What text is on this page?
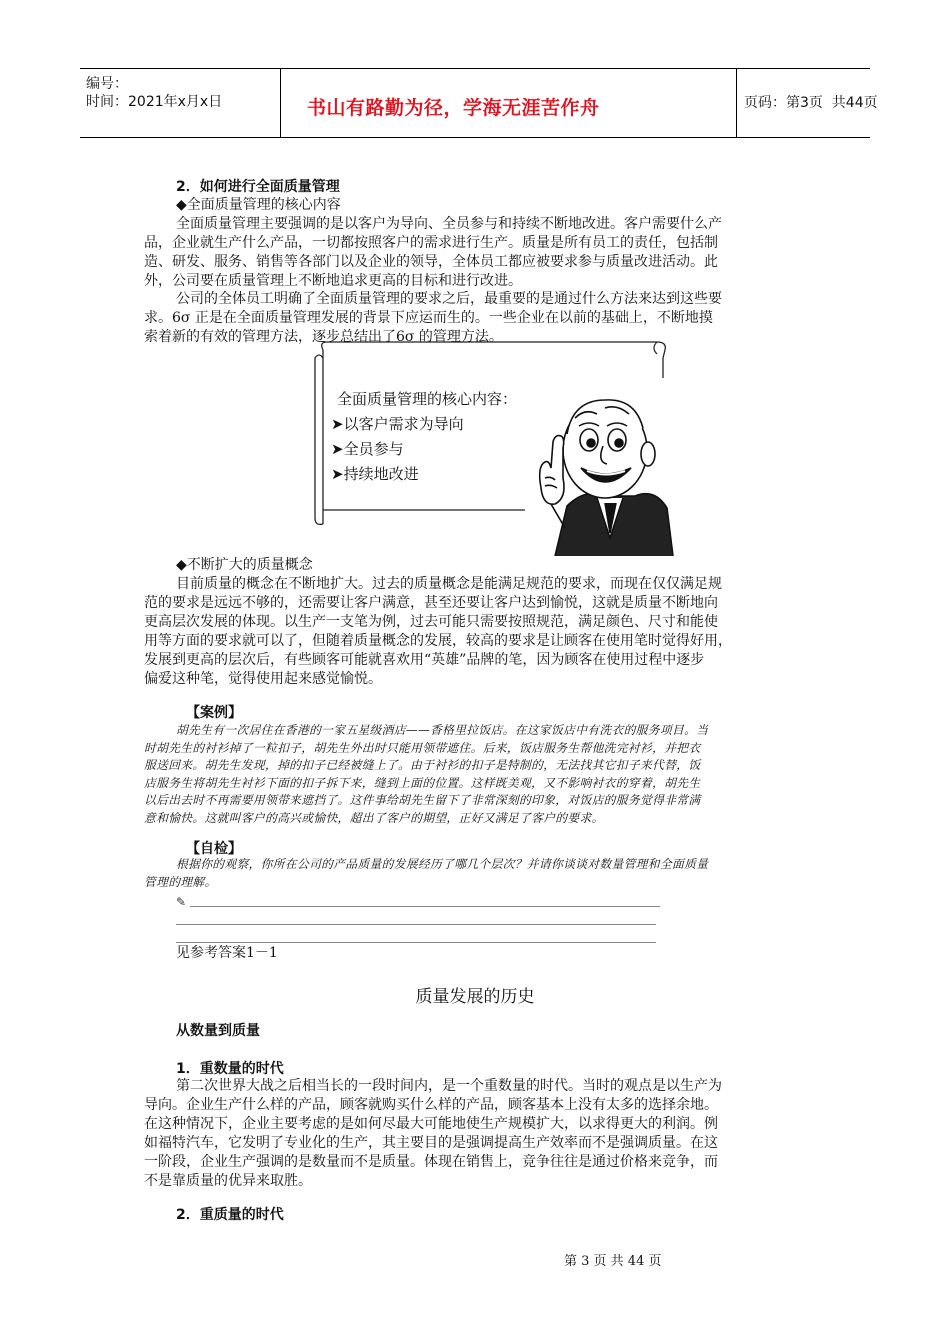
编号：
时间：2021年x月x日	书山有路勤为径，学海无涯苦作舟	页码：第3页  共44页
2．如何进行全面质量管理
◆全面质量管理的核心内容
全面质量管理主要强调的是以客户为导向、全员参与和持续不断地改进。客户需要什么产
品，企业就生产什么产品，一切都按照客户的需求进行生产。质量是所有员工的责任，包括制
造、研发、服务、销售等各部门以及企业的领导，全体员工都应被要求参与质量改进活动。此
外，公司要在质量管理上不断地追求更高的目标和进行改进。
公司的全体员工明确了全面质量管理的要求之后，最重要的是通过什么方法来达到这些要
求。6σ 正是在全面质量管理发展的背景下应运而生的。一些企业在以前的基础上，不断地摸
索着新的有效的管理方法，逐步总结出了6σ 的管理方法。
全面质量管理的核心内容：
➤以客户需求为导向
➤全员参与
➤持续地改进
◆不断扩大的质量概念
目前质量的概念在不断地扩大。过去的质量概念是能满足规范的要求，而现在仅仅满足规
范的要求是远远不够的，还需要让客户满意，甚至还要让客户达到愉悦，这就是质量不断地向
更高层次发展的体现。以生产一支笔为例，过去可能只需要按照规范，满足颜色、尺寸和能使
用等方面的要求就可以了，但随着质量概念的发展，较高的要求是让顾客在使用笔时觉得好用，
发展到更高的层次后，有些顾客可能就喜欢用“英雄”品牌的笔，因为顾客在使用过程中逐步
偏爱这种笔，觉得使用起来感觉愉悦。
【案例】
胡先生有一次居住在香港的一家五星级酒店——香格里拉饭店。在这家饭店中有洗衣的服务项目。当
时胡先生的衬衫掉了一粒扣子，胡先生外出时只能用领带遮住。后来，饭店服务生帮他洗完衬衫，并把衣
服送回来。胡先生发现，掉的扣子已经被缝上了。由于衬衫的扣子是特制的，无法找其它扣子来代替，饭
店服务生将胡先生衬衫下面的扣子拆下来，缝到上面的位置。这样既美观，又不影响衬衣的穿着，胡先生
以后出去时不再需要用领带来遮挡了。这件事给胡先生留下了非常深刻的印象，对饭店的服务觉得非常满
意和愉快。这就叫客户的高兴或愉快，超出了客户的期望，正好又满足了客户的要求。
【自检】
根据你的观察，你所在公司的产品质量的发展经历了哪几个层次？并请你谈谈对数量管理和全面质量
管理的理解。
✎
见参考答案1－1
质量发展的历史
从数量到质量
1．重数量的时代
第二次世界大战之后相当长的一段时间内，是一个重数量的时代。当时的观点是以生产为
导向。企业生产什么样的产品，顾客就购买什么样的产品，顾客基本上没有太多的选择余地。
在这种情况下，企业主要考虑的是如何尽最大可能地使生产规模扩大，以求得更大的利润。例
如福特汽车，它发明了专业化的生产，其主要目的是强调提高生产效率而不是强调质量。在这
一阶段，企业生产强调的是数量而不是质量。体现在销售上，竞争往往是通过价格来竞争，而
不是靠质量的优异来取胜。
2．重质量的时代
第 3 页 共 44 页
